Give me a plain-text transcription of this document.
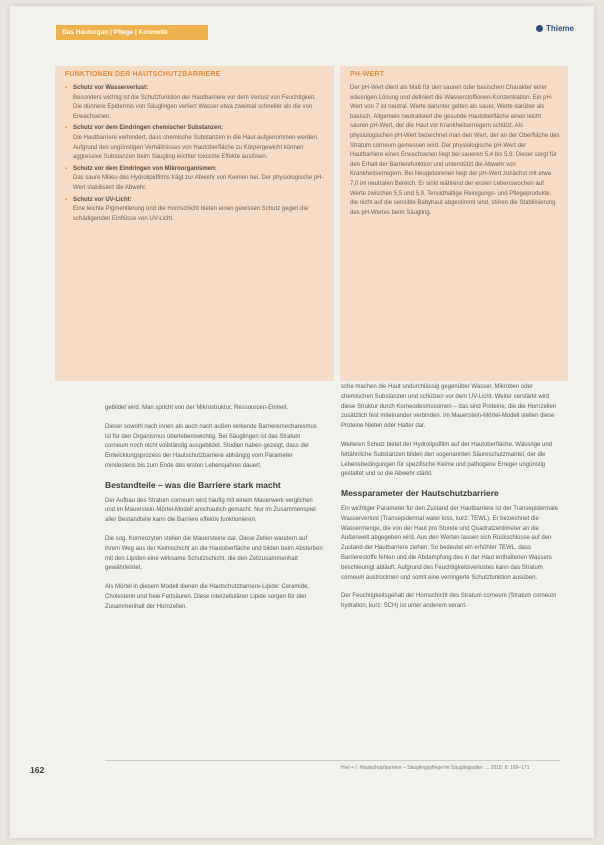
Das Hautorgan | Pflege | Kosmetik	Thieme
FUNKTIONEN DER HAUTSCHUTZBARRIERE
▪ Schutz vor Wasserverlust:
Besonders wichtig ist die Schutzfunktion der Hautbarriere vor dem Verlust von Feuchtigkeit. Die dünnere Epidermis von Säuglingen verliert Wasser etwa zweimal schneller als die von Erwachsenen.
▪ Schutz vor dem Eindringen chemischer Substanzen:
Die Hautbarriere verhindert, dass chemische Substanzen in die Haut aufgenommen werden. Aufgrund des ungünstigen Verhältnisses von Hautoberfläche zu Körpergewicht können aggressive Substanzen beim Säugling leichter toxische Effekte auslösen.
▪ Schutz vor dem Eindringen von Mikroorganismen:
Das saure Milieu des Hydrolipidfilms trägt zur Abwehr von Keimen bei. Der physiologische pH-Wert stabilisiert die Abwehr.
▪ Schutz vor UV-Licht:
Eine leichte Pigmentierung und die Hornschicht bieten einen gewissen Schutz gegen die schädigenden Einflüsse von UV-Licht.
PH-WERT
Der pH-Wert dient als Maß für den sauren oder basischen Charakter einer wässrigen Lösung und definiert die Wasserstoffionen-Konzentration. Ein pH-Wert von 7 ist neutral. Werte darunter gelten als sauer, Werte darüber als basisch. Allgemein neutralisiert die gesunde Hautoberfläche einen leicht sauren pH-Wert, der die Haut vor Krankheitserregern schützt. Als physiologischen pH-Wert bezeichnet man den Wert, der an der Oberfläche des Stratum corneum gemessen wird. Der physiologische pH-Wert der Hautbarriere eines Erwachsenen liegt bei saueren 5,4 bis 5,9. Dieser sorgt für den Erhalt der Barrierefunktion und unterstützt die Abwehr von Krankheitserregern. Bei Neugeborenen liegt der pH-Wert zunächst mit etwa 7,0 im neutralen Bereich. Er sinkt während der ersten Lebenswochen auf Werte zwischen 5,5 und 5,9. Tensidhaltige Reinigungs- und Pflegeprodukte, die nicht auf die sensible Babyhaut abgestimmt sind, stören die Stabilisierung des pH-Wertes beim Säugling.

gebildet wird. Man spricht von der Mikrostruktur, Ressourcen-Einheit.

Dieser sowohl nach innen als auch nach außen wirkende Barrieremechanismus ist für den Organismus überlebenswichtig. Bei Säuglingen ist das Stratum corneum noch nicht vollständig ausgebildet. Studien haben gezeigt, dass der Entwicklungsprozess der Hautschutzbarriere abhängig vom Parameter mindestens bis zum Ende des ersten Lebensjahres dauert.

Bestandteile – was die Barriere stark macht

Der Aufbau des Stratum corneum wird häufig mit einem Mauerwerk verglichen und im Mauerstein-Mörtel-Modell anschaulich gemacht. Nur im Zusammenspiel aller Bestandteile kann die Barriere effektiv funktionieren.

Die sog. Korneozyten stellen die Mauersteine dar. Diese Zellen wandern auf ihrem Weg aus der Keimschicht an die Hautoberfläche und bilden beim Absterben mit den Lipiden eine wirksame Schutzschicht, die den Zellzusammenhalt gewährleistet.

Als Mörtel in diesem Modell dienen die Hautschutzbarriere-Lipide: Ceramide, Cholesterin und freie Fettsäuren. Diese interzellulären Lipide sorgen für den Zusammenhalt der Hornzellen.

sche machen die Haut undurchlässig gegenüber Wasser, Mikroben oder chemischen Substanzen und schützen vor dem UV-Licht. Weiter verstärkt wird diese Struktur durch Korneodesmosomen – das sind Proteine, die die Hornzellen zusätzlich fest miteinander verbinden. Im Mauerstein-Mörtel-Modell stellen diese Proteine Nieten oder Halter dar.

Weiteren Schutz bietet der Hydrolipidfilm auf der Hautoberfläche. Wässrige und fettähnliche Substanzen bilden den sogenannten Säureschutzmantel, der die Lebensbedingungen für spezifische Keime und pathogene Erreger ungünstig gestaltet und so die Abwehr stärkt.

Messparameter der Hautschutzbarriere

Ein wichtiger Parameter für den Zustand der Hautbarriere ist der Transepidermale Wasserverlust (Transepidermal water loss, kurz: TEWL). Er bezeichnet die Wassermenge, die von der Haut pro Stunde und Quadratzentimeter an die Außenwelt abgegeben wird. Aus den Werten lassen sich Rückschlüsse auf den Zustand der Hautbarriere ziehen. So bedeutet ein erhöhter TEWL, dass Barrierestoffe fehlen und die Abdampfung des in der Haut enthaltenen Wassers beschleunigt abläuft. Aufgrund des Feuchtigkeitsverlustes kann das Stratum corneum austrocknen und somit eine verringerte Schutzfunktion ausüben.

Der Feuchtigkeitsgehalt der Hornschicht des Stratum corneum (Stratum corneum hydration, kurz: SCH) ist unter anderem verant-

162	Heil + I. Hautschutzbarriere – Säuglingspflege im Säuglingsalter. ... 2015; 8: 160–171
